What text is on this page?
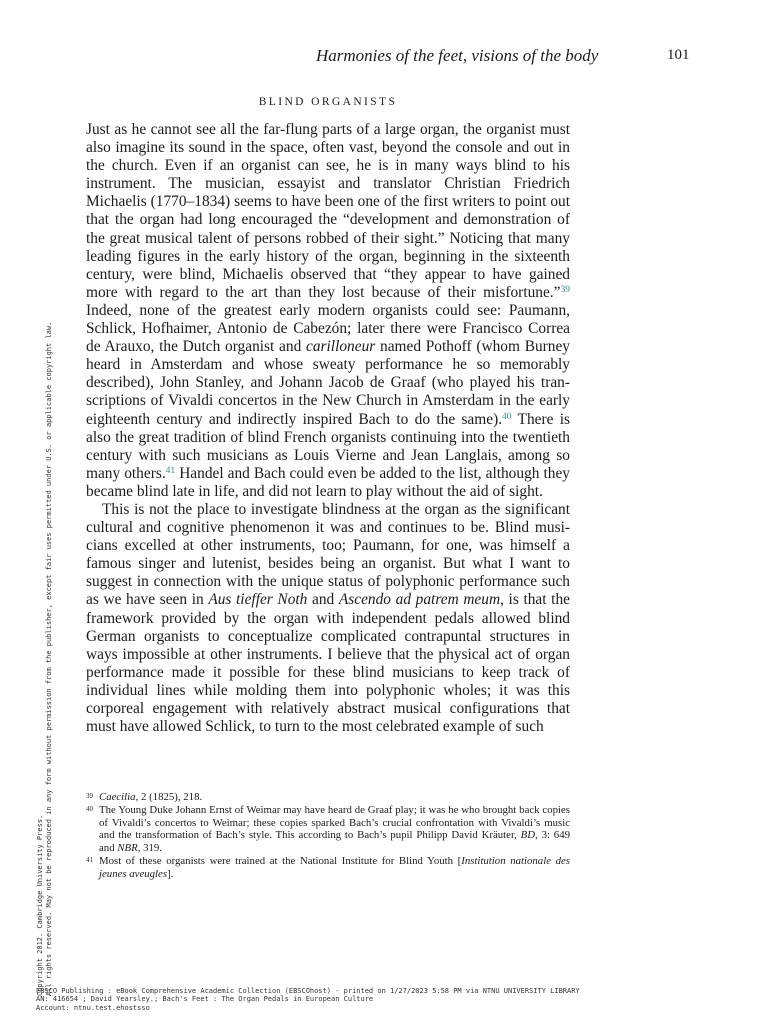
Harmonies of the feet, visions of the body	101
BLIND ORGANISTS

Just as he cannot see all the far-flung parts of a large organ, the organist must also imagine its sound in the space, often vast, beyond the console and out in the church. Even if an organist can see, he is in many ways blind to his instrument. The musician, essayist and translator Christian Friedrich Michaelis (1770–1834) seems to have been one of the first writers to point out that the organ had long encouraged the “development and demonstration of the great musical talent of persons robbed of their sight.” Noticing that many leading figures in the early history of the organ, beginning in the sixteenth century, were blind, Michaelis observed that “they appear to have gained more with regard to the art than they lost because of their misfortune.”$^{39}$ Indeed, none of the greatest early modern organists could see: Paumann, Schlick, Hofhaimer, Antonio de Cabezón; later there were Francisco Correa de Arauxo, the Dutch organist and carilloneur named Pothoff (whom Burney heard in Amsterdam and whose sweaty performance he so memorably described), John Stanley, and Johann Jacob de Graaf (who played his transcriptions of Vivaldi concertos in the New Church in Amsterdam in the early eighteenth century and indirectly inspired Bach to do the same).$^{40}$ There is also the great tradition of blind French organists continuing into the twentieth century with such musicians as Louis Vierne and Jean Langlais, among so many others.$^{41}$ Handel and Bach could even be added to the list, although they became blind late in life, and did not learn to play without the aid of sight.

This is not the place to investigate blindness at the organ as the significant cultural and cognitive phenomenon it was and continues to be. Blind musicians excelled at other instruments, too; Paumann, for one, was himself a famous singer and lutenist, besides being an organist. But what I want to suggest in connection with the unique status of polyphonic performance such as we have seen in Aus tieffer Noth and Ascendo ad patrem meum, is that the framework provided by the organ with independent pedals allowed blind German organists to conceptualize complicated contrapuntal structures in ways impossible at other instruments. I believe that the physical act of organ performance made it possible for these blind musicians to keep track of individual lines while molding them into polyphonic wholes; it was this corporeal engagement with relatively abstract musical configurations that must have allowed Schlick, to turn to the most celebrated example of such

39 Caecilia, 2 (1825), 218.
40 The Young Duke Johann Ernst of Weimar may have heard de Graaf play; it was he who brought back copies of Vivaldi’s concertos to Weimar; these copies sparked Bach’s crucial confrontation with Vivaldi’s music and the transformation of Bach’s style. This according to Bach’s pupil Philipp David Kräuter, BD, 3: 649 and NBR, 319.
41 Most of these organists were trained at the National Institute for Blind Youth [Institution nationale des jeunes aveugles].
Copyright 2012. Cambridge University Press. All rights reserved. May not be reproduced in any form without permission from the publisher, except fair uses permitted under U.S. or applicable copyright law.
EBSCO Publishing : eBook Comprehensive Academic Collection (EBSCOhost) - printed on 1/27/2023 5:58 PM via NTNU UNIVERSITY LIBRARY
AN: 416654 ; David Yearsley.; Bach's Feet : The Organ Pedals in European Culture
Account: ntnu.test.ehostsso
